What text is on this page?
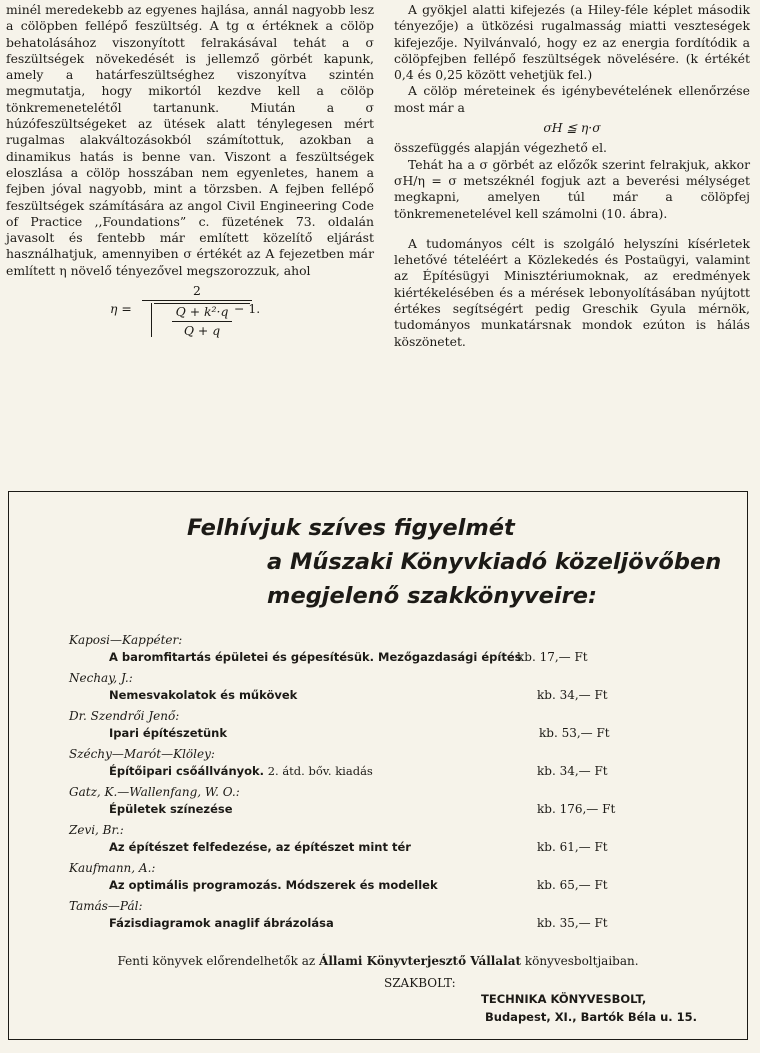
minél meredekebb az egyenes hajlása, annál nagyobb lesz a cölöpben fellépő feszültség. A tg α értéknek a cölöp behatolásához viszonyított felrakásával tehát a σ feszültségek növekedését is jellemző görbét kapunk, amely a határfeszültséghez viszonyítva szintén megmutatja, hogy mikortól kezdve kell a cölöp tönkremenetelétől tartanunk. Miután a σ húzófeszültségeket az ütések alatt ténylegesen mért rugalmas alakváltozásokból számítottuk, azokban a dinamikus hatás is benne van. Viszont a feszültségek eloszlása a cölöp hosszában nem egyenletes, hanem a fejben jóval nagyobb, mint a törzsben. A fejben fellépő feszültségek számítására az angol Civil Engineering Code of Practice ,,Foundations” c. füzetének 73. oldalán javasolt és fentebb már említett közelítő eljárást használhatjuk, amennyiben σ értékét az A fejezetben már említett η növelő tényezővel megszorozzuk, ahol

η =
2
Q + k²·q
Q + q
− 1.

A gyökjel alatti kifejezés (a Hiley-féle képlet második tényezője) a ütközési rugalmasság miatti veszteségek kifejezője. Nyilvánvaló, hogy ez az energia fordítódik a cölöpfejben fellépő feszültségek növelésére. (k értékét 0,4 és 0,25 között vehetjük fel.)

A cölöp méreteinek és igénybevételének ellenőrzése most már a

σH ≦ η·σ

összefüggés alapján végezhető el.

Tehát ha a σ görbét az előzők szerint felrakjuk, akkor σH/η = σ metszéknél fogjuk azt a beverési mélységet megkapni, amelyen túl már a cölöpfej tönkremenetelével kell számolni (10. ábra).

A tudományos célt is szolgáló helyszíni kísérletek lehetővé tételéért a Közlekedés és Postaügyi, valamint az Építésügyi Minisztériumoknak, az eredmények kiértékelésében és a mérések lebonyolításában nyújtott értékes segítségért pedig Greschik Gyula mérnök, tudományos munkatársnak mondok ezúton is hálás köszönetet.

Felhívjuk szíves figyelmét
a Műszaki Könyvkiadó közeljövőben
megjelenő szakkönyveire:
Kaposi—Kappéter:
A baromfitartás épületei és gépesítésük. Mezőgazdasági építés
kb. 17,— Ft
Nechay, J.:
Nemesvakolatok és műkövek	kb. 34,— Ft
Dr. Szendrői Jenő:
Ipari építészetünk	kb. 53,— Ft
Széchy—Marót—Klöley:
Építőipari csőállványok. 2. átd. bőv. kiadás	kb. 34,— Ft
Gatz, K.—Wallenfang, W. O.:
Épületek színezése	kb. 176,— Ft
Zevi, Br.:
Az építészet felfedezése, az építészet mint tér	kb. 61,— Ft
Kaufmann, A.:
Az optimális programozás. Módszerek és modellek	kb. 65,— Ft
Tamás—Pál:
Fázisdiagramok anaglif ábrázolása	kb. 35,— Ft
Fenti könyvek előrendelhetők az Állami Könyvterjesztő Vállalat könyvesboltjaiban.
SZAKBOLT:
TECHNIKA KÖNYVESBOLT,
Budapest, XI., Bartók Béla u. 15.
